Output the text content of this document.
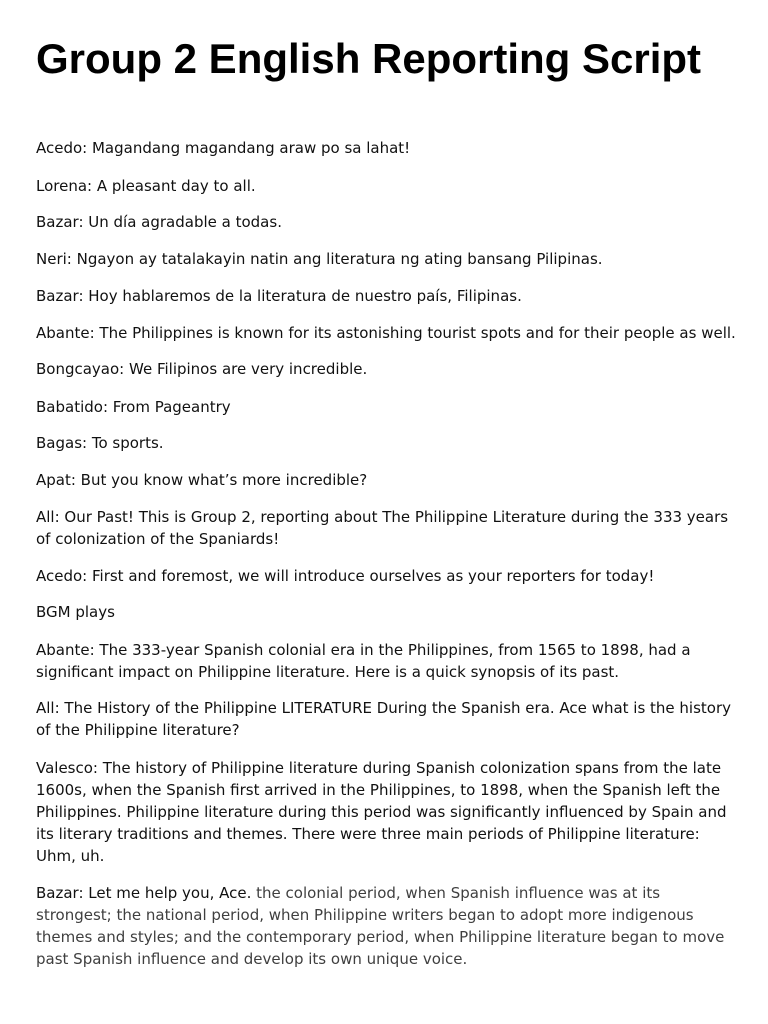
Group 2 English Reporting Script

Acedo: Magandang magandang araw po sa lahat!

Lorena: A pleasant day to all.

Bazar: Un día agradable a todas.

Neri: Ngayon ay tatalakayin natin ang literatura ng ating bansang Pilipinas.

Bazar: Hoy hablaremos de la literatura de nuestro país, Filipinas.

Abante: The Philippines is known for its astonishing tourist spots and for their people as well.

Bongcayao: We Filipinos are very incredible.

Babatido: From Pageantry

Bagas: To sports.

Apat: But you know what’s more incredible?

All: Our Past! This is Group 2, reporting about The Philippine Literature during the 333 years of colonization of the Spaniards!

Acedo: First and foremost, we will introduce ourselves as your reporters for today!

BGM plays

Abante: The 333-year Spanish colonial era in the Philippines, from 1565 to 1898, had a significant impact on Philippine literature. Here is a quick synopsis of its past.

All: The History of the Philippine LITERATURE During the Spanish era. Ace what is the history of the Philippine literature?

Valesco: The history of Philippine literature during Spanish colonization spans from the late 1600s, when the Spanish first arrived in the Philippines, to 1898, when the Spanish left the Philippines. Philippine literature during this period was significantly influenced by Spain and its literary traditions and themes. There were three main periods of Philippine literature: Uhm, uh.

Bazar: Let me help you, Ace. the colonial period, when Spanish influence was at its strongest; the national period, when Philippine writers began to adopt more indigenous themes and styles; and the contemporary period, when Philippine literature began to move past Spanish influence and develop its own unique voice.
